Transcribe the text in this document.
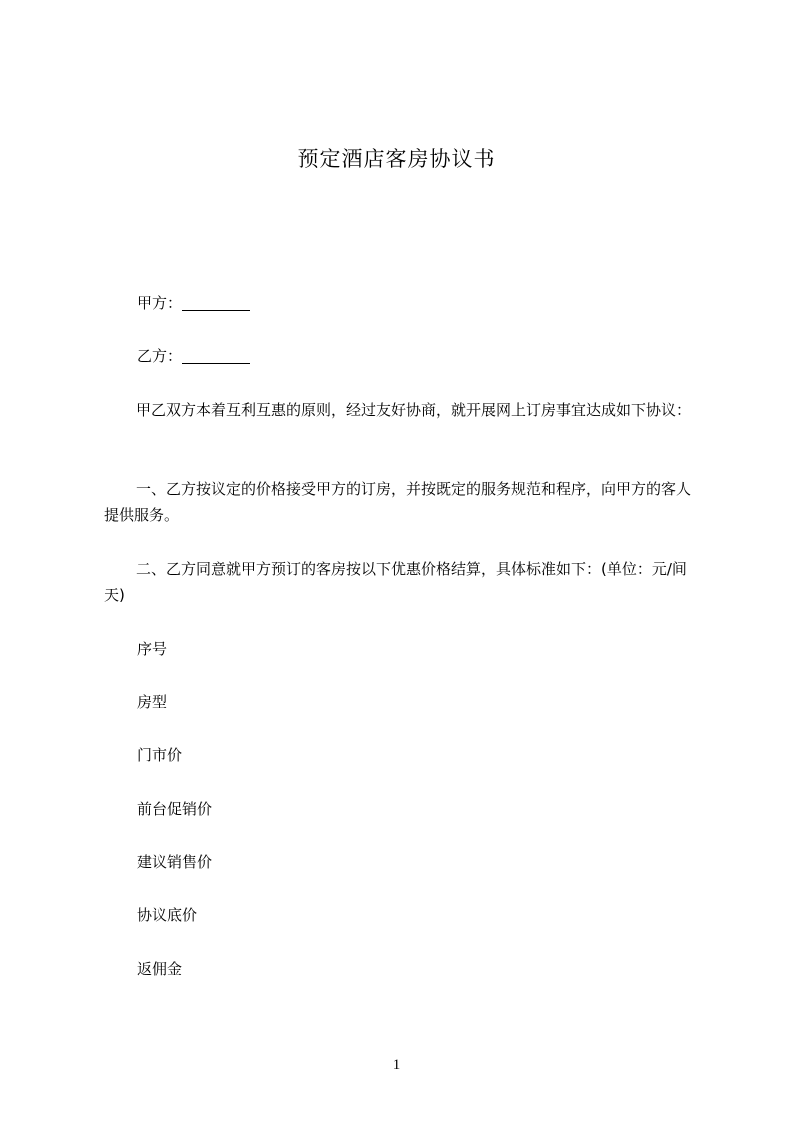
预定酒店客房协议书
甲方：
乙方：
甲乙双方本着互利互惠的原则，经过友好协商，就开展网上订房事宜达成如下协议：
一、乙方按议定的价格接受甲方的订房，并按既定的服务规范和程序，向甲方的客人提供服务。
二、乙方同意就甲方预订的客房按以下优惠价格结算，具体标准如下：(单位：元/间天)
序号
房型
门市价
前台促销价
建议销售价
协议底价
返佣金
1
